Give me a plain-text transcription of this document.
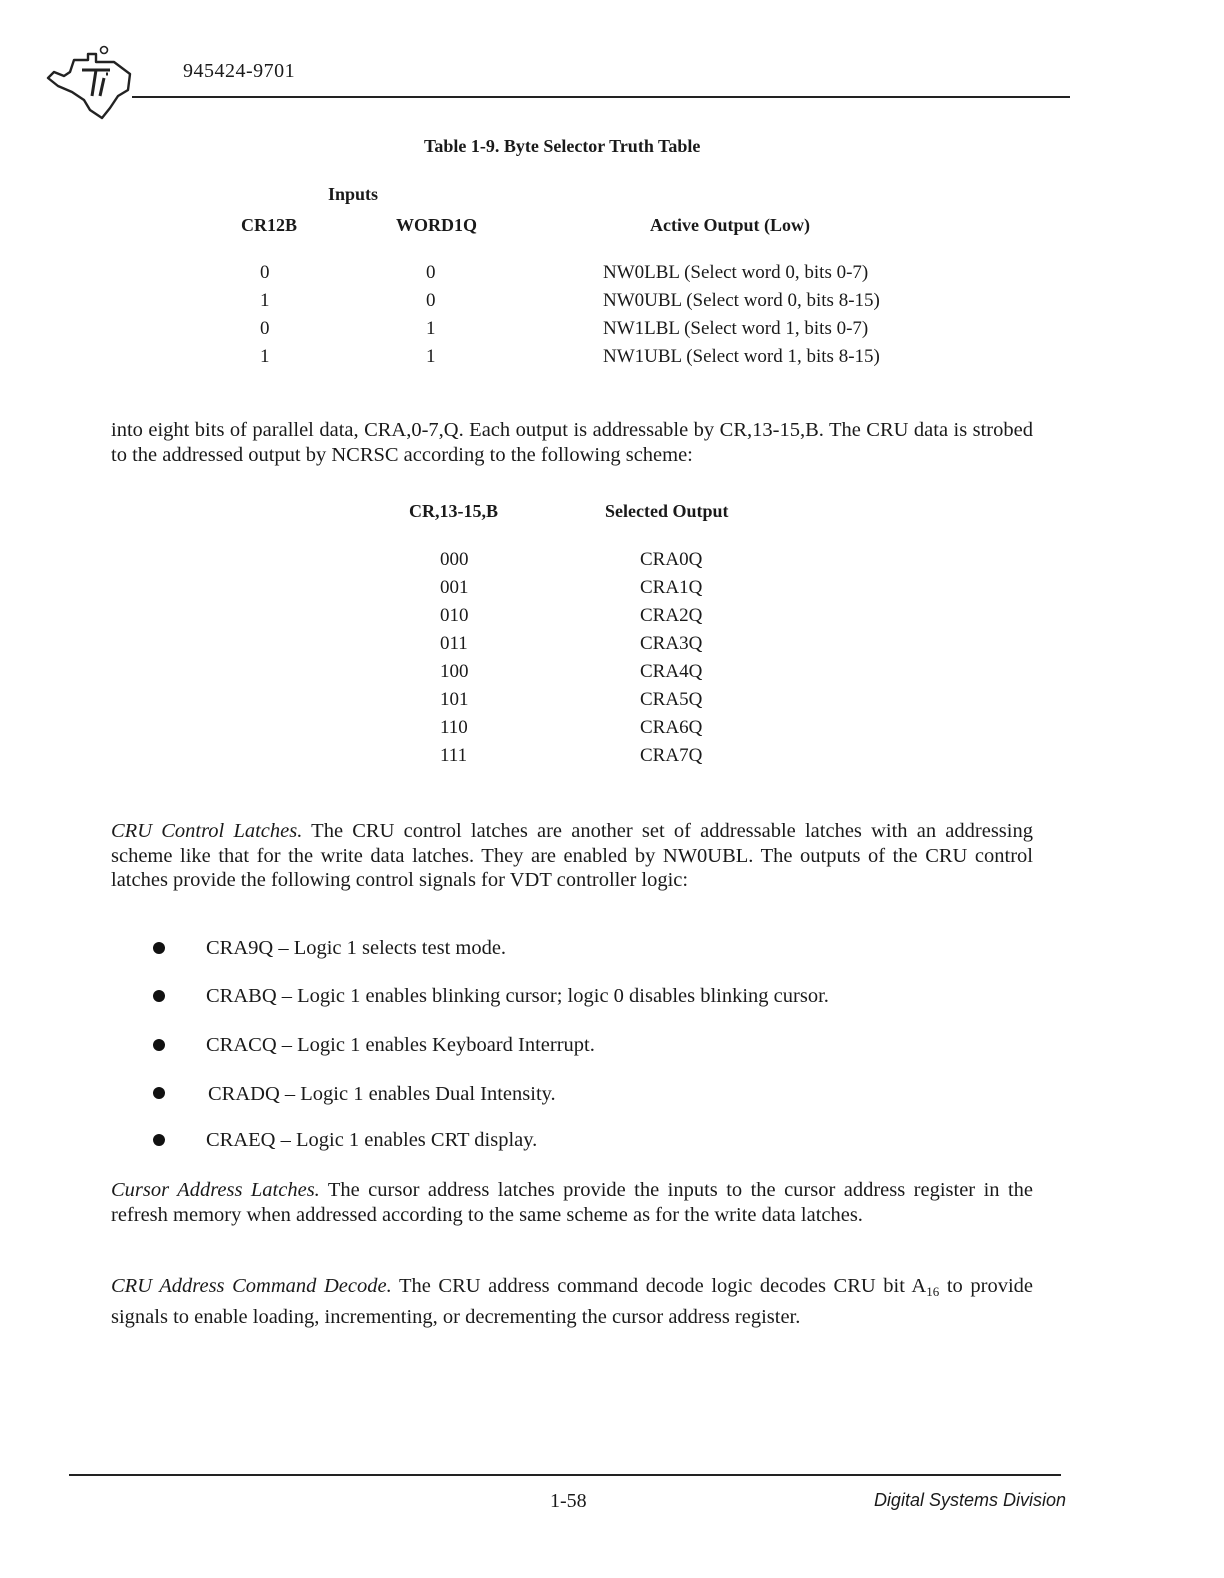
945424-9701
Table 1-9. Byte Selector Truth Table
Inputs
CR12B	WORD1Q	Active Output (Low)
0	0	NW0LBL (Select word 0, bits 0-7)
1	0	NW0UBL (Select word 0, bits 8-15)
0	1	NW1LBL (Select word 1, bits 0-7)
1	1	NW1UBL (Select word 1, bits 8-15)
into eight bits of parallel data, CRA,0-7,Q. Each output is addressable by CR,13-15,B. The CRU data is strobed to the addressed output by NCRSC according to the following scheme:
CR,13-15,B	Selected Output
000	CRA0Q
001	CRA1Q
010	CRA2Q
011	CRA3Q
100	CRA4Q
101	CRA5Q
110	CRA6Q
111	CRA7Q
CRU Control Latches. The CRU control latches are another set of addressable latches with an addressing scheme like that for the write data latches. They are enabled by NW0UBL. The outputs of the CRU control latches provide the following control signals for VDT controller logic:
CRA9Q – Logic 1 selects test mode.
CRABQ – Logic 1 enables blinking cursor; logic 0 disables blinking cursor.
CRACQ – Logic 1 enables Keyboard Interrupt.
CRADQ – Logic 1 enables Dual Intensity.
CRAEQ – Logic 1 enables CRT display.
Cursor Address Latches. The cursor address latches provide the inputs to the cursor address register in the refresh memory when addressed according to the same scheme as for the write data latches.
CRU Address Command Decode. The CRU address command decode logic decodes CRU bit $A_{16}$ to provide signals to enable loading, incrementing, or decrementing the cursor address register.
1-58	Digital Systems Division
